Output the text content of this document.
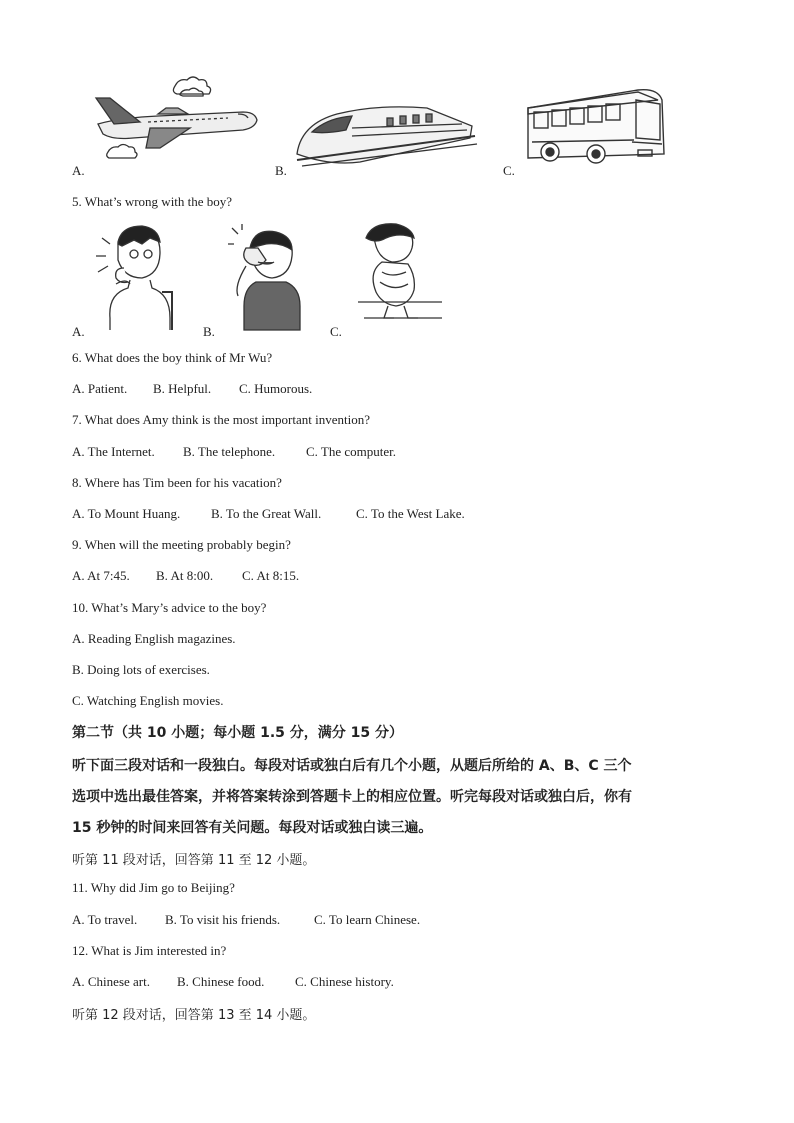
A.	B.	C.
5. What’s wrong with the boy?
A.	B.	C.
6. What does the boy think of Mr Wu?
A. Patient. B. Helpful. C. Humorous.
7. What does Amy think is the most important invention?
A. The Internet. B. The telephone. C. The computer.
8. Where has Tim been for his vacation?
A. To Mount Huang. B. To the Great Wall.	C. To the West Lake.
9. When will the meeting probably begin?
A. At 7:45. B. At 8:00. C. At 8:15.
10. What’s Mary’s advice to the boy?
A. Reading English magazines.
B. Doing lots of exercises.
C. Watching English movies.
第二节（共 10 小题；每小题 1.5 分，满分 15 分）
听下面三段对话和一段独白。每段对话或独白后有几个小题，从题后所给的 A、B、C 三个
选项中选出最佳答案，并将答案转涂到答题卡上的相应位置。听完每段对话或独白后，你有
15 秒钟的时间来回答有关问题。每段对话或独白读三遍。
听第 11 段对话，回答第 11 至 12 小题。
11. Why did Jim go to Beijing?
A. To travel. B. To visit his friends.	C. To learn Chinese.
12. What is Jim interested in?
A. Chinese art. B. Chinese food. C. Chinese history.
听第 12 段对话，回答第 13 至 14 小题。
